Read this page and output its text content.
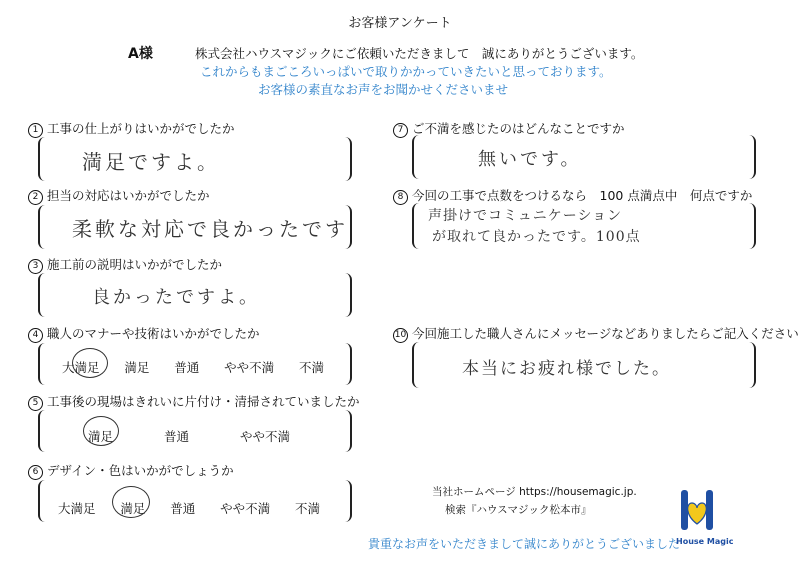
お客様アンケート
A様	株式会社ハウスマジックにご依頼いただきまして　誠にありがとうございます。
これからもまごころいっぱいで取りかかっていきたいと思っております。
お客様の素直なお声をお聞かせくださいませ
1 工事の仕上がりはいかがでしたか
満足ですよ。
2 担当の対応はいかがでしたか
柔軟な対応で良かったです
3 施工前の説明はいかがでしたか
良かったですよ。
4 職人のマナーや技術はいかがでしたか
大満足 満足 普通 やや不満 不満
5 工事後の現場はきれいに片付け・清掃されていましたか
満足	普通	やや不満
6 デザイン・色はいかがでしょうか
大満足 満足 普通 やや不満 不満
7 ご不満を感じたのはどんなことですか
無いです。
8 今回の工事で点数をつけるなら　100 点満点中　何点ですか
声掛けでコミュニケーション
が取れて良かったです。100点
10 今回施工した職人さんにメッセージなどありましたらご記入ください
本当にお疲れ様でした。
当社ホームページ https://housemagic.jp.
検索『ハウスマジック松本市』
貴重なお声をいただきまして誠にありがとうございました
House Magic
